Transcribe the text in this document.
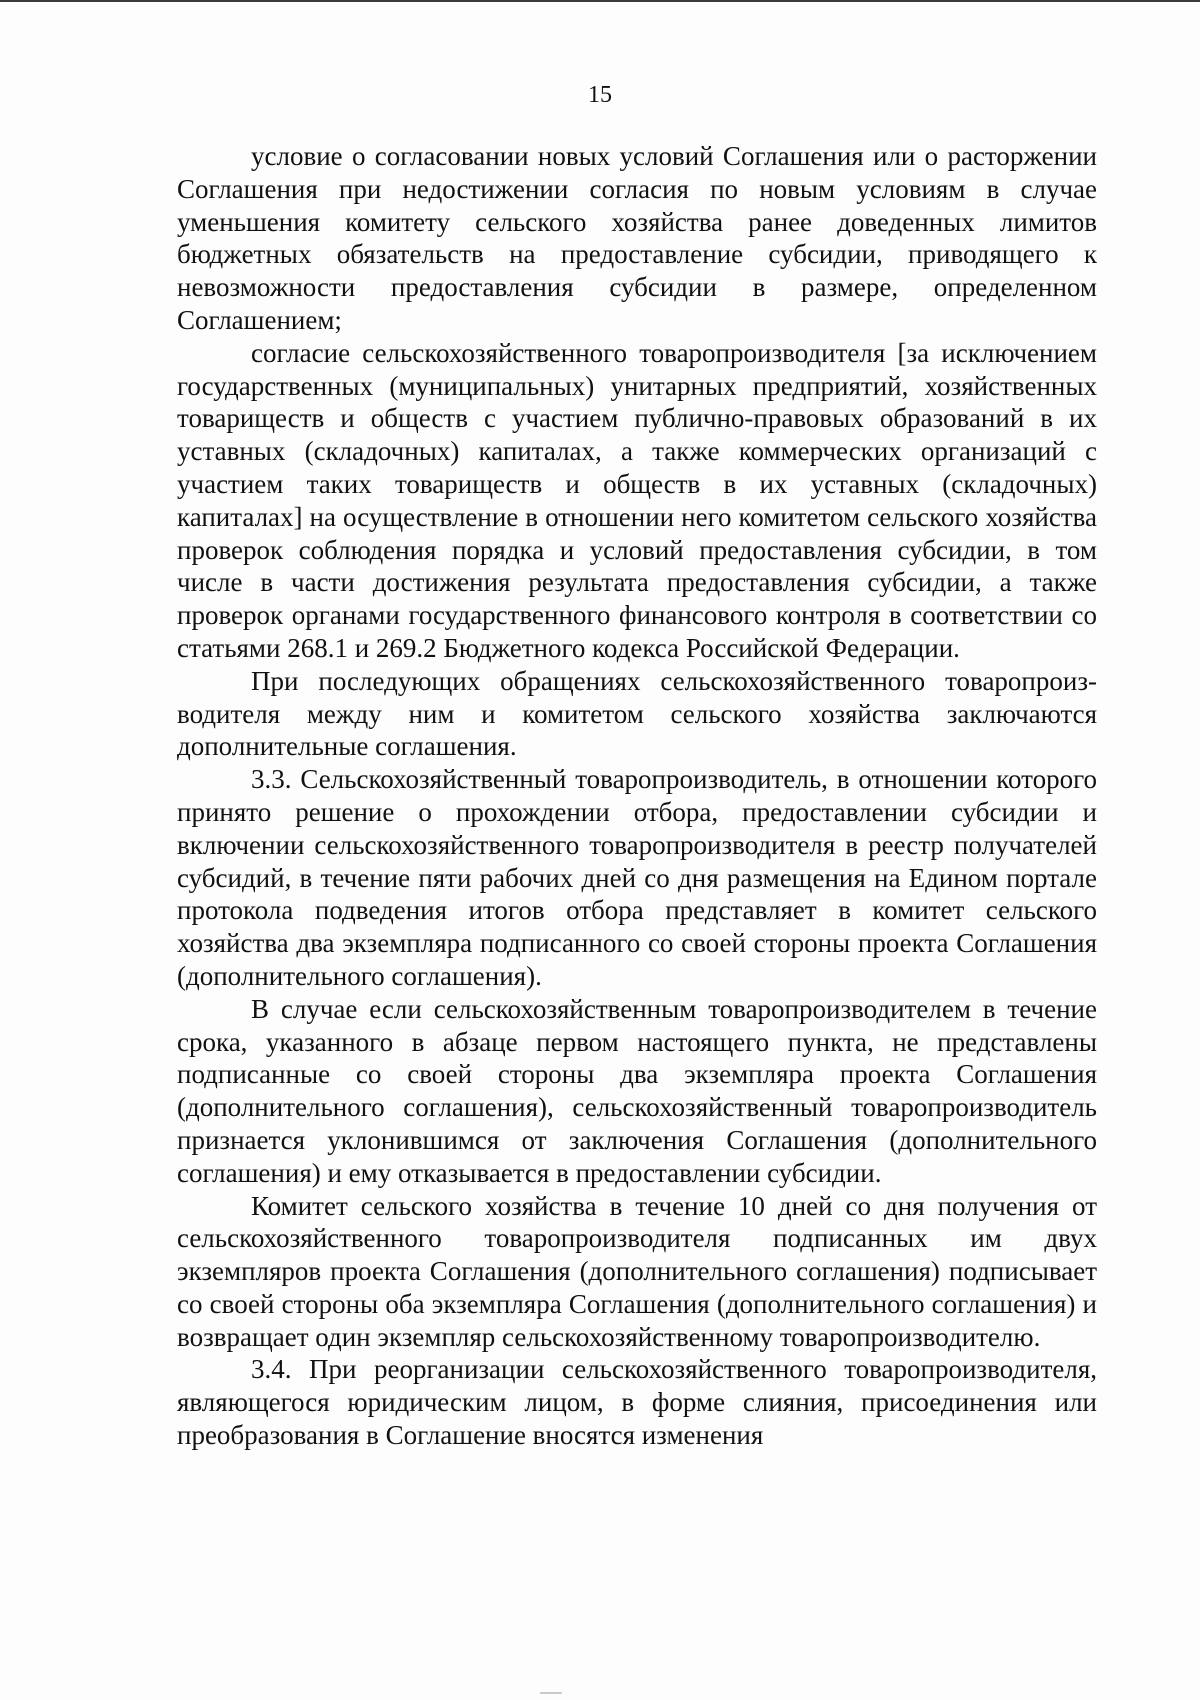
15

условие о согласовании новых условий Соглашения или о расторжении Соглашения при недостижении согласия по новым условиям в случае уменьшения комитету сельского хозяйства ранее доведенных лимитов бюджетных обязательств на предоставление субсидии, приводящего к невозможности предоставления субсидии в размере, определенном Соглашением;

согласие сельскохозяйственного товаропроизводителя [за исключением государственных (муниципальных) унитарных предприятий, хозяйственных товариществ и обществ с участием публично-правовых образований в их уставных (складочных) капиталах, а также коммерческих организаций с участием таких товариществ и обществ в их уставных (складочных) капиталах] на осуществление в отношении него комитетом сельского хозяйства проверок соблюдения порядка и условий предоставления субсидии, в том числе в части достижения результата предоставления субсидии, а также проверок органами государственного финансового контроля в соответствии со статьями 268.1 и 269.2 Бюджетного кодекса Российской Федерации.

При последующих обращениях сельскохозяйственного товаропроизводителя между ним и комитетом сельского хозяйства заключаются дополнительные соглашения.

3.3. Сельскохозяйственный товаропроизводитель, в отношении которого принято решение о прохождении отбора, предоставлении субсидии и включении сельскохозяйственного товаропроизводителя в реестр получателей субсидий, в течение пяти рабочих дней со дня размещения на Едином портале протокола подведения итогов отбора представляет в комитет сельского хозяйства два экземпляра подписанного со своей стороны проекта Соглашения (дополнительного соглашения).

В случае если сельскохозяйственным товаропроизводителем в течение срока, указанного в абзаце первом настоящего пункта, не представлены подписанные со своей стороны два экземпляра проекта Соглашения (дополнительного соглашения), сельскохозяйственный товаропроизводитель признается уклонившимся от заключения Соглашения (дополнительного соглашения) и ему отказывается в предоставлении субсидии.

Комитет сельского хозяйства в течение 10 дней со дня получения от сельскохозяйственного товаропроизводителя подписанных им двух экземпляров проекта Соглашения (дополнительного соглашения) подписывает со своей стороны оба экземпляра Соглашения (дополнительного соглашения) и возвращает один экземпляр сельскохозяйственному товаропроизводителю.

3.4. При реорганизации сельскохозяйственного товаропроизводителя, являющегося юридическим лицом, в форме слияния, присоединения или преобразования в Соглашение вносятся изменения
